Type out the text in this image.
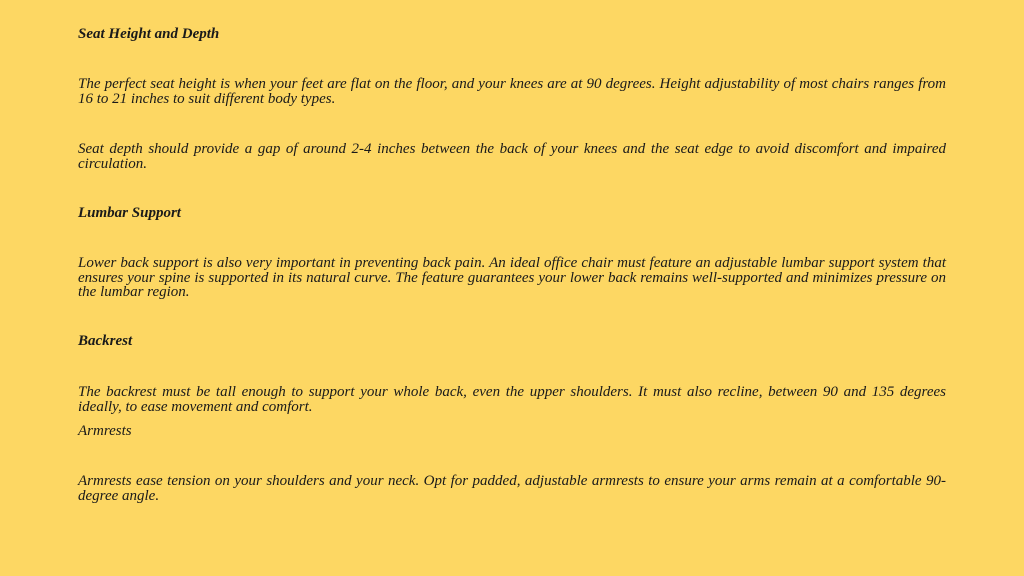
Seat Height and Depth

The perfect seat height is when your feet are flat on the floor, and your knees are at 90 degrees. Height adjustability of most chairs ranges from 16 to 21 inches to suit different body types.

Seat depth should provide a gap of around 2-4 inches between the back of your knees and the seat edge to avoid discomfort and impaired circulation.

Lumbar Support

Lower back support is also very important in preventing back pain. An ideal office chair must feature an adjustable lumbar support system that ensures your spine is supported in its natural curve. The feature guarantees your lower back remains well-supported and minimizes pressure on the lumbar region.

Backrest

The backrest must be tall enough to support your whole back, even the upper shoulders. It must also recline, between 90 and 135 degrees ideally, to ease movement and comfort.

Armrests

Armrests ease tension on your shoulders and your neck. Opt for padded, adjustable armrests to ensure your arms remain at a comfortable 90-degree angle.
